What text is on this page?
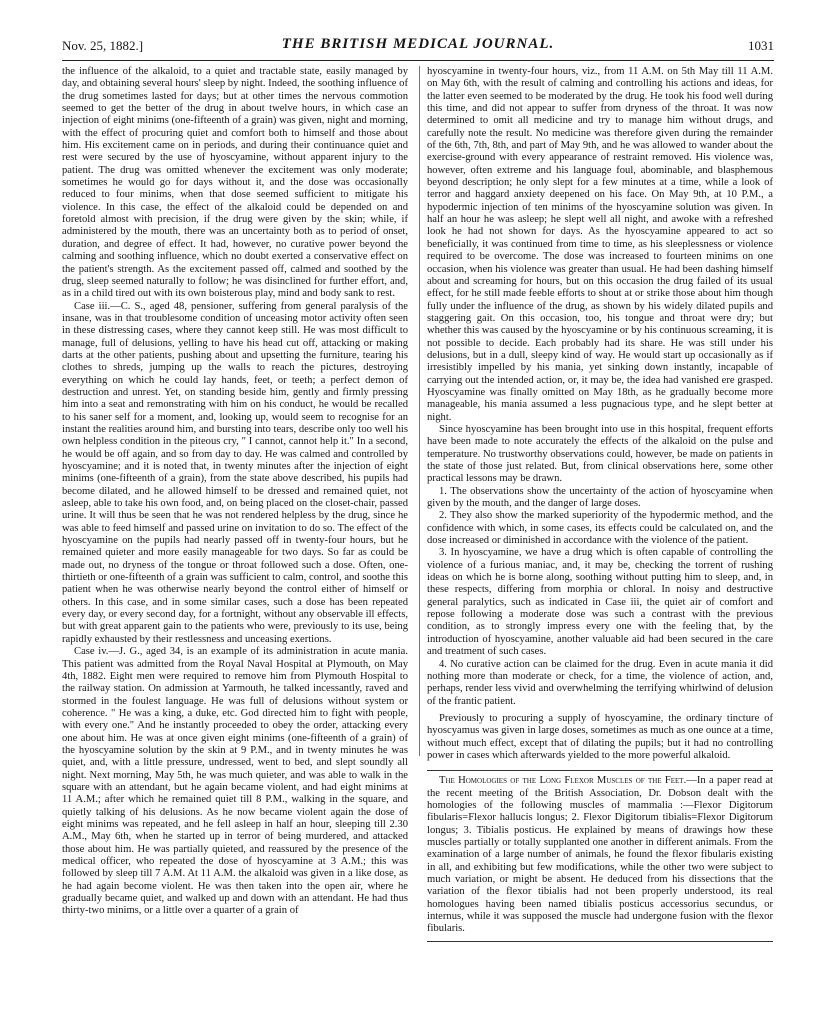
Nov. 25, 1882.]	THE BRITISH MEDICAL JOURNAL.	1031

the influence of the alkaloid, to a quiet and tractable state, easily managed by day, and obtaining several hours' sleep by night. Indeed, the soothing influence of the drug sometimes lasted for days; but at other times the nervous commotion seemed to get the better of the drug in about twelve hours, in which case an injection of eight minims (one-fifteenth of a grain) was given, night and morning, with the effect of procuring quiet and comfort both to himself and those about him. His excitement came on in periods, and during their continuance quiet and rest were secured by the use of hyoscyamine, without apparent injury to the patient. The drug was omitted whenever the excitement was only moderate; sometimes he would go for days without it, and the dose was occasionally reduced to four minims, when that dose seemed sufficient to mitigate his violence. In this case, the effect of the alkaloid could be depended on and foretold almost with precision, if the drug were given by the skin; while, if administered by the mouth, there was an uncertainty both as to period of onset, duration, and degree of effect. It had, however, no curative power beyond the calming and soothing influence, which no doubt exerted a conservative effect on the patient's strength. As the excitement passed off, calmed and soothed by the drug, sleep seemed naturally to follow; he was disinclined for further effort, and, as in a child tired out with its own boisterous play, mind and body sank to rest.

Case iii.—C. S., aged 48, pensioner, suffering from general paralysis of the insane, was in that troublesome condition of unceasing motor activity often seen in these distressing cases, where they cannot keep still. He was most difficult to manage, full of delusions, yelling to have his head cut off, attacking or making darts at the other patients, pushing about and upsetting the furniture, tearing his clothes to shreds, jumping up the walls to reach the pictures, destroying everything on which he could lay hands, feet, or teeth; a perfect demon of destruction and unrest. Yet, on standing beside him, gently and firmly pressing him into a seat and remonstrating with him on his conduct, he would be recalled to his saner self for a moment, and, looking up, would seem to recognise for an instant the realities around him, and bursting into tears, describe only too well his own helpless condition in the piteous cry, " I cannot, cannot help it." In a second, he would be off again, and so from day to day. He was calmed and controlled by hyoscyamine; and it is noted that, in twenty minutes after the injection of eight minims (one-fifteenth of a grain), from the state above described, his pupils had become dilated, and he allowed himself to be dressed and remained quiet, not asleep, able to take his own food, and, on being placed on the closet-chair, passed urine. It will thus be seen that he was not rendered helpless by the drug, since he was able to feed himself and passed urine on invitation to do so. The effect of the hyoscyamine on the pupils had nearly passed off in twenty-four hours, but he remained quieter and more easily manageable for two days. So far as could be made out, no dryness of the tongue or throat followed such a dose. Often, one-thirtieth or one-fifteenth of a grain was sufficient to calm, control, and soothe this patient when he was otherwise nearly beyond the control either of himself or others. In this case, and in some similar cases, such a dose has been repeated every day, or every second day, for a fortnight, without any observable ill effects, but with great apparent gain to the patients who were, previously to its use, being rapidly exhausted by their restlessness and unceasing exertions.

Case iv.—J. G., aged 34, is an example of its administration in acute mania. This patient was admitted from the Royal Naval Hospital at Plymouth, on May 4th, 1882. Eight men were required to remove him from Plymouth Hospital to the railway station. On admission at Yarmouth, he talked incessantly, raved and stormed in the foulest language. He was full of delusions without system or coherence. " He was a king, a duke, etc. God directed him to fight with people, with every one." And he instantly proceeded to obey the order, attacking every one about him. He was at once given eight minims (one-fifteenth of a grain) of the hyoscyamine solution by the skin at 9 P.M., and in twenty minutes he was quiet, and, with a little pressure, undressed, went to bed, and slept soundly all night. Next morning, May 5th, he was much quieter, and was able to walk in the square with an attendant, but he again became violent, and had eight minims at 11 A.M.; after which he remained quiet till 8 P.M., walking in the square, and quietly talking of his delusions. As he now became violent again the dose of eight minims was repeated, and he fell asleep in half an hour, sleeping till 2.30 A.M., May 6th, when he started up in terror of being murdered, and attacked those about him. He was partially quieted, and reassured by the presence of the medical officer, who repeated the dose of hyoscyamine at 3 A.M.; this was followed by sleep till 7 A.M. At 11 A.M. the alkaloid was given in a like dose, as he had again become violent. He was then taken into the open air, where he gradually became quiet, and walked up and down with an attendant. He had thus thirty-two minims, or a little over a quarter of a grain of

hyoscyamine in twenty-four hours, viz., from 11 A.M. on 5th May till 11 A.M. on May 6th, with the result of calming and controlling his actions and ideas, for the latter even seemed to be moderated by the drug. He took his food well during this time, and did not appear to suffer from dryness of the throat. It was now determined to omit all medicine and try to manage him without drugs, and carefully note the result. No medicine was therefore given during the remainder of the 6th, 7th, 8th, and part of May 9th, and he was allowed to wander about the exercise-ground with every appearance of restraint removed. His violence was, however, often extreme and his language foul, abominable, and blasphemous beyond description; he only slept for a few minutes at a time, while a look of terror and haggard anxiety deepened on his face. On May 9th, at 10 P.M., a hypodermic injection of ten minims of the hyoscyamine solution was given. In half an hour he was asleep; he slept well all night, and awoke with a refreshed look he had not shown for days. As the hyoscyamine appeared to act so beneficially, it was continued from time to time, as his sleeplessness or violence required to be overcome. The dose was increased to fourteen minims on one occasion, when his violence was greater than usual. He had been dashing himself about and screaming for hours, but on this occasion the drug failed of its usual effect, for he still made feeble efforts to shout at or strike those about him though fully under the influence of the drug, as shown by his widely dilated pupils and staggering gait. On this occasion, too, his tongue and throat were dry; but whether this was caused by the hyoscyamine or by his continuous screaming, it is not possible to decide. Each probably had its share. He was still under his delusions, but in a dull, sleepy kind of way. He would start up occasionally as if irresistibly impelled by his mania, yet sinking down instantly, incapable of carrying out the intended action, or, it may be, the idea had vanished ere grasped. Hyoscyamine was finally omitted on May 18th, as he gradually become more manageable, his mania assumed a less pugnacious type, and he slept better at night.

Since hyoscyamine has been brought into use in this hospital, frequent efforts have been made to note accurately the effects of the alkaloid on the pulse and temperature. No trustworthy observations could, however, be made on patients in the state of those just related. But, from clinical observations here, some other practical lessons may be drawn.

1. The observations show the uncertainty of the action of hyoscyamine when given by the mouth, and the danger of large doses.

2. They also show the marked superiority of the hypodermic method, and the confidence with which, in some cases, its effects could be calculated on, and the dose increased or diminished in accordance with the violence of the patient.

3. In hyoscyamine, we have a drug which is often capable of controlling the violence of a furious maniac, and, it may be, checking the torrent of rushing ideas on which he is borne along, soothing without putting him to sleep, and, in these respects, differing from morphia or chloral. In noisy and destructive general paralytics, such as indicated in Case iii, the quiet air of comfort and repose following a moderate dose was such a contrast with the previous condition, as to strongly impress every one with the feeling that, by the introduction of hyoscyamine, another valuable aid had been secured in the care and treatment of such cases.

4. No curative action can be claimed for the drug. Even in acute mania it did nothing more than moderate or check, for a time, the violence of action, and, perhaps, render less vivid and overwhelming the terrifying whirlwind of delusion of the frantic patient.

Previously to procuring a supply of hyoscyamine, the ordinary tincture of hyoscyamus was given in large doses, sometimes as much as one ounce at a time, without much effect, except that of dilating the pupils; but it had no controlling power in cases which afterwards yielded to the more powerful alkaloid.

The Homologies of the Long Flexor Muscles of the Feet.—In a paper read at the recent meeting of the British Association, Dr. Dobson dealt with the homologies of the following muscles of mammalia :—Flexor Digitorum fibularis=Flexor hallucis longus; 2. Flexor Digitorum tibialis=Flexor Digitorum longus; 3. Tibialis posticus. He explained by means of drawings how these muscles partially or totally supplanted one another in different animals. From the examination of a large number of animals, he found the flexor fibularis existing in all, and exhibiting but few modifications, while the other two were subject to much variation, or might be absent. He deduced from his dissections that the variation of the flexor tibialis had not been properly understood, its real homologues having been named tibialis posticus accessorius secundus, or internus, while it was supposed the muscle had undergone fusion with the flexor fibularis.
